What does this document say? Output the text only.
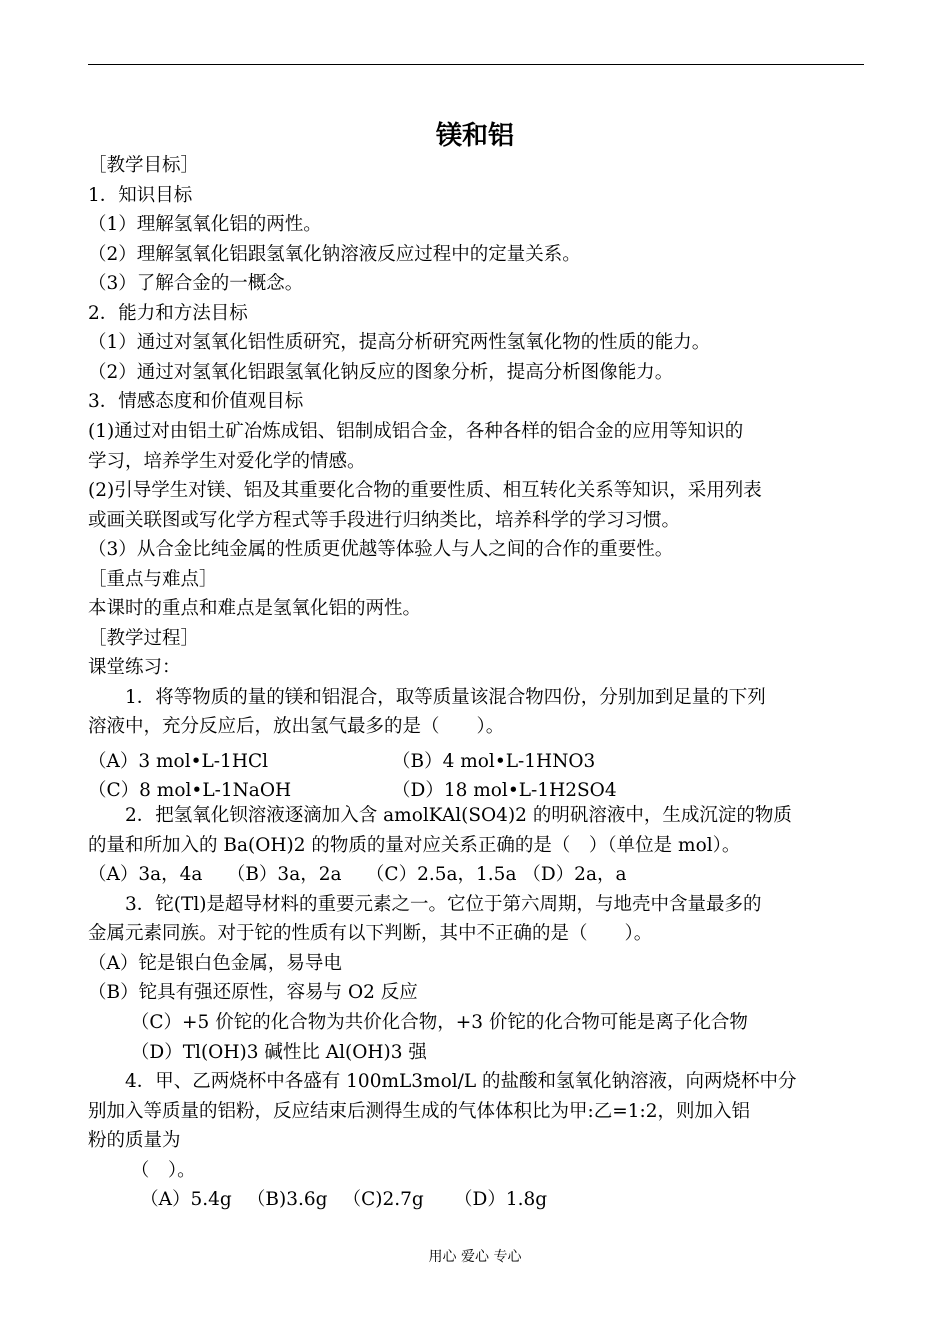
镁和铝
［教学目标］
1．知识目标
（1）理解氢氧化铝的两性。
（2）理解氢氧化铝跟氢氧化钠溶液反应过程中的定量关系。
（3）了解合金的一概念。
2．能力和方法目标
（1）通过对氢氧化铝性质研究，提高分析研究两性氢氧化物的性质的能力。
（2）通过对氢氧化铝跟氢氧化钠反应的图象分析，提高分析图像能力。
3．情感态度和价值观目标
(1)通过对由铝土矿冶炼成铝、铝制成铝合金，各种各样的铝合金的应用等知识的
学习，培养学生对爱化学的情感。
(2)引导学生对镁、铝及其重要化合物的重要性质、相互转化关系等知识，采用列表
或画关联图或写化学方程式等手段进行归纳类比，培养科学的学习习惯。
（3）从合金比纯金属的性质更优越等体验人与人之间的合作的重要性。
［重点与难点］
本课时的重点和难点是氢氧化铝的两性。
［教学过程］
课堂练习：
　　1．将等物质的量的镁和铝混合，取等质量该混合物四份，分别加到足量的下列
溶液中，充分反应后，放出氢气最多的是（　　）。
　　2．把氢氧化钡溶液逐滴加入含 amolKAl(SO4)2 的明矾溶液中，生成沉淀的物质
的量和所加入的 Ba(OH)2 的物质的量对应关系正确的是（　）（单位是 mol）。
（A）3a，4a　 （B）3a，2a　 （C）2.5a，1.5a （D）2a，a
　　3．铊(Tl)是超导材料的重要元素之一。它位于第六周期，与地壳中含量最多的
金属元素同族。对于铊的性质有以下判断，其中不正确的是（　　）。
（A）铊是银白色金属，易导电
（B）铊具有强还原性，容易与 O2 反应
　　 （C）+5 价铊的化合物为共价化合物，+3 价铊的化合物可能是离子化合物
　　 （D）Tl(OH)3 碱性比 Al(OH)3 强
　　4．甲、乙两烧杯中各盛有 100mL3mol/L 的盐酸和氢氧化钠溶液，向两烧杯中分
别加入等质量的铝粉，反应结束后测得生成的气体体积比为甲:乙=1:2，则加入铝
粉的质量为
　　 （　）。
　　 　（A）5.4g 　（B)3.6g 　（C)2.7g 　 （D）1.8g
（A）3 mol•L-1HCl	（B）4 mol•L-1HNO3
（C）8 mol•L-1NaOH	（D）18 mol•L-1H2SO4
用心 爱心 专心
